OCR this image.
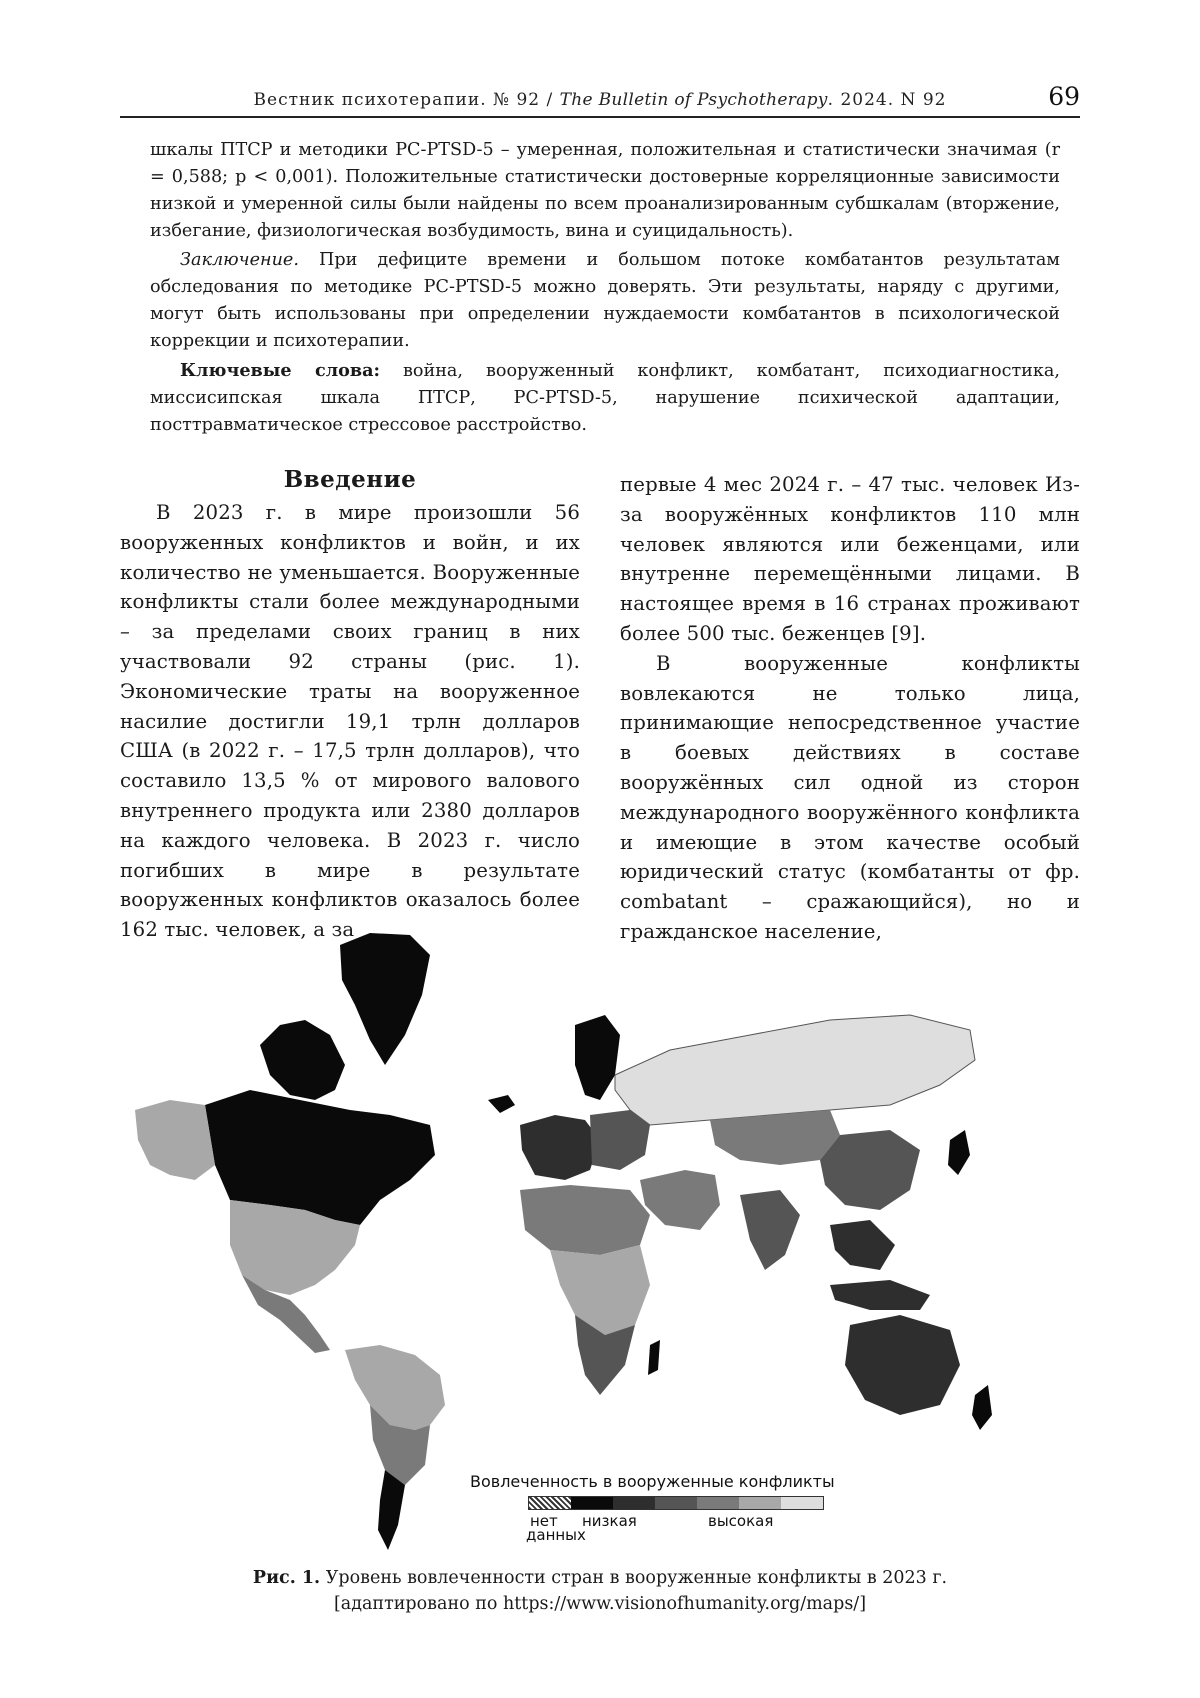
Вестник психотерапии. № 92 / The Bulletin of Psychotherapy. 2024. N 92	69

шкалы ПТСР и методики PC-PTSD-5 – умеренная, положительная и статистически значимая (r = 0,588; p < 0,001). Положительные статистически достоверные корреляционные зависимости низкой и умеренной силы были найдены по всем проанализированным субшкалам (вторжение, избегание, физиологическая возбудимость, вина и суицидальность).

Заключение. При дефиците времени и большом потоке комбатантов результатам обследования по методике PC-PTSD-5 можно доверять. Эти результаты, наряду с другими, могут быть использованы при определении нуждаемости комбатантов в психологической коррекции и психотерапии.

Ключевые слова: война, вооруженный конфликт, комбатант, психодиагностика, миссисипская шкала ПТСР, PC-PTSD-5, нарушение психической адаптации, посттравматическое стрессовое расстройство.

Введение

В 2023 г. в мире произошли 56 вооруженных конфликтов и войн, и их количество не уменьшается. Вооруженные конфликты стали более международными – за пределами своих границ в них участвовали 92 страны (рис. 1). Экономические траты на вооруженное насилие достигли 19,1 трлн долларов США (в 2022 г. – 17,5 трлн долларов), что составило 13,5 % от мирового валового внутреннего продукта или 2380 долларов на каждого человека. В 2023 г. число погибших в мире в результате вооруженных конфликтов оказалось более 162 тыс. человек, а за

первые 4 мес 2024 г. – 47 тыс. человек Из-за вооружённых конфликтов 110 млн человек являются или беженцами, или внутренне перемещёнными лицами. В настоящее время в 16 странах проживают более 500 тыс. беженцев [9].

В вооруженные конфликты вовлекаются не только лица, принимающие непосредственное участие в боевых действиях в составе вооружённых сил одной из сторон международного вооружённого конфликта и имеющие в этом качестве особый юридический статус (комбатанты от фр. combatant – сражающийся), но и гражданское население,

Вовлеченность в вооруженные конфликты
нет
данных
низкая	высокая
Рис. 1. Уровень вовлеченности стран в вооруженные конфликты в 2023 г.
[адаптировано по https://www.visionofhumanity.org/maps/]
